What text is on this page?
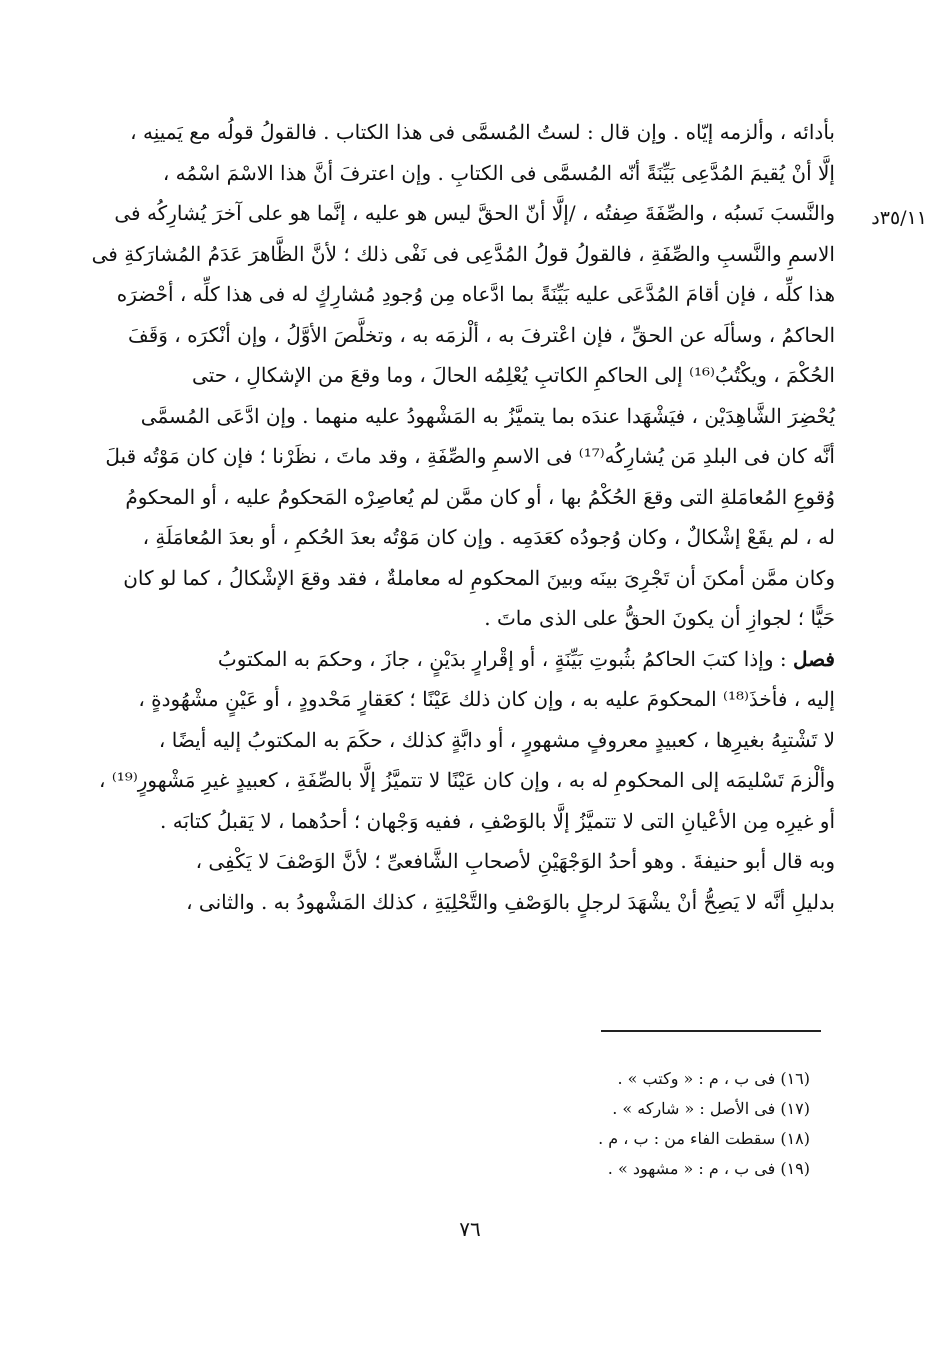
٣٥/١١د
بأدائه ، وألزمه إيّاه . وإن قال : لستُ المُسمَّى فى هذا الكتاب . فالقولُ قولُه مع يَمينِه ،
إلَّا أنْ يُقيمَ المُدَّعِى بَيِّنَةً أنّه المُسمَّى فى الكتابِ . وإن اعترفَ أنَّ هذا الاسْمَ اسْمُه ،
والنَّسبَ نَسبُه ، والصِّفَةَ صِفتُه ، /إلَّا أنّ الحقَّ ليس هو عليه ، إنَّما هو على آخرَ يُشارِكُه فى
الاسمِ والنَّسبِ والصِّفَةِ ، فالقولُ قولُ المُدَّعِى فى نَفْى ذلك ؛ لأنَّ الظَّاهرَ عَدَمُ المُشارَكةِ فى
هذا كلِّه ، فإن أقامَ المُدَّعَى عليه بَيِّنَةً بما ادَّعاه مِن وُجودِ مُشارِكٍ له فى هذا كلِّه ، أحْضرَه
الحاكمُ ، وسألَه عن الحقِّ ، فإن اعْترفَ به ، ألْزمَه به ، وتخلَّصَ الأوَّلُ ، وإن أنْكرَه ، وَقَفَ
الحُكْمَ ، ويكْتُبُ⁽¹⁶⁾ إلى الحاكمِ الكاتبِ يُعْلِمُه الحالَ ، وما وقعَ من الإشكالِ ، حتى
يُحْضِرَ الشَّاهِدَيْن ، فيَشْهَدا عندَه بما يتميَّزُ به المَشْهودُ عليه منهما . وإن ادَّعَى المُسمَّى
أنَّه كان فى البلدِ مَن يُشارِكُه⁽¹⁷⁾ فى الاسمِ والصِّفَةِ ، وقد ماتَ ، نظَرْنا ؛ فإن كان مَوْتُه قبلَ
وُقوعِ المُعامَلةِ التى وقعَ الحُكْمُ بها ، أو كان ممَّن لم يُعاصِرْه المَحكومُ عليه ، أو المحكومُ
له ، لم يقَعْ إشْكالٌ ، وكان وُجودُه كعَدَمِه . وإن كان مَوْتُه بعدَ الحُكمِ ، أو بعدَ المُعامَلَةِ ،
وكان ممَّن أمكنَ أن تَجْرِىَ بينَه وبينَ المحكومِ له معاملةٌ ، فقد وقعَ الإشْكالُ ، كما لو كان
حَيًّا ؛ لجوازِ أن يكونَ الحقُّ على الذى ماتَ .
فصل : وإذا كتبَ الحاكمُ بثُبوتِ بَيِّنَةٍ ، أو إقْرارٍ بدَيْنٍ ، جازَ ، وحكمَ به المكتوبُ
إليه ، فأخذَ⁽¹⁸⁾ المحكومَ عليه به ، وإن كان ذلك عَيْنًا ؛ كعَقارٍ مَحْدودٍ ، أو عَيْنٍ مشْهُودةٍ ،
لا تَشْتبِهُ بغيرِها ، كعبيدٍ معروفٍ مشهورٍ ، أو دابَّةٍ كذلك ، حكَمَ به المكتوبُ إليه أيضًا ،
وألْزمَ تَسْليمَه إلى المحكومِ له به ، وإن كان عَيْنًا لا تتميَّزُ إلَّا بالصِّفَةِ ، كعبيدٍ غيرِ مَشْهورٍ⁽¹⁹⁾ ،
أو غيرِه مِن الأعْيانِ التى لا تتميَّزُ إلَّا بالوَصْفِ ، ففيه وَجْهان ؛ أحدُهما ، لا يَقبلُ كتابَه .
وبه قال أبو حنيفةَ . وهو أحدُ الوَجْهَيْنِ لأصحابِ الشَّافعىِّ ؛ لأنَّ الوَصْفَ لا يَكْفِى ،
بدليلِ أنَّه لا يَصِحُّ أنْ يشْهَدَ لرجلٍ بالوَصْفِ والتَّحْلِيَةِ ، كذلك المَشْهودُ به . والثانى ،
(١٦) فى ب ، م : « وكتب » .
(١٧) فى الأصل : « شاركه » .
(١٨) سقطت الفاء من : ب ، م .
(١٩) فى ب ، م : « مشهود » .
٧٦
